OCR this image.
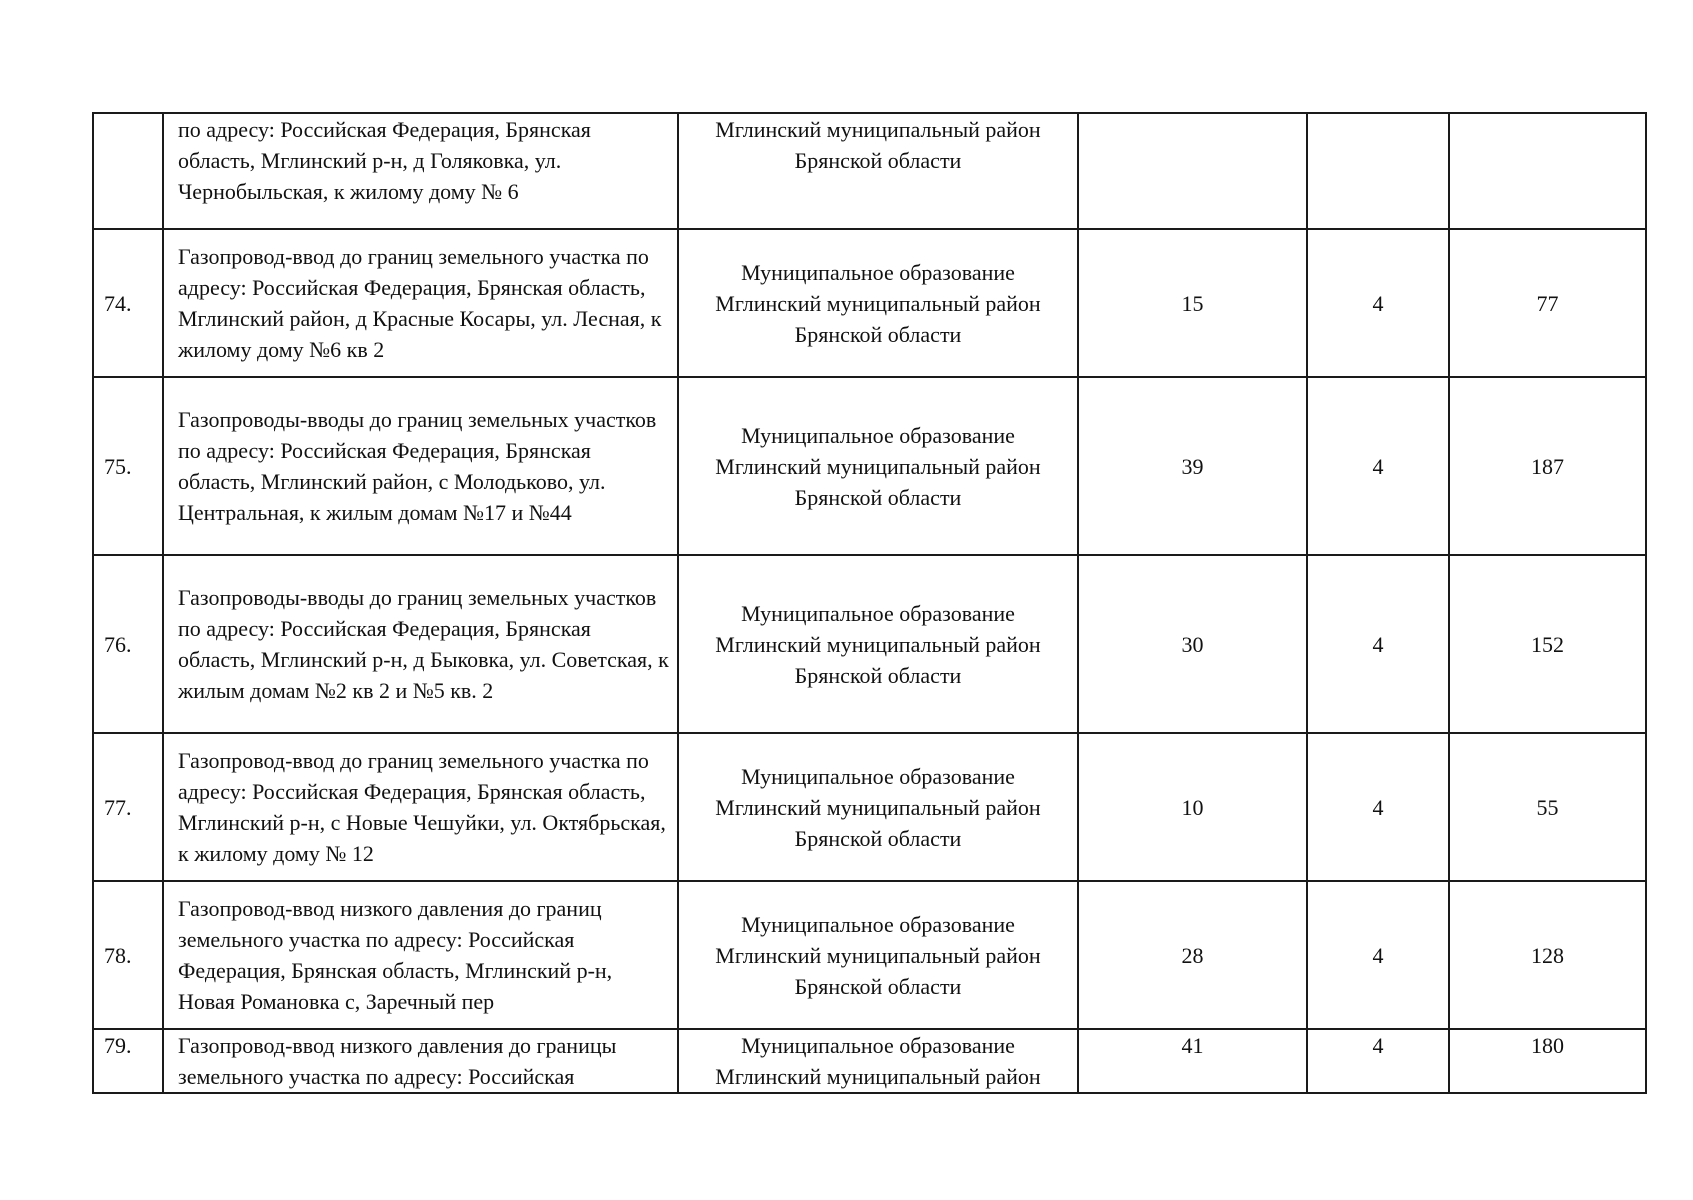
	по адресу: Российская Федерация, Брянская область, Мглинский р-н, д Голяковка, ул. Чернобыльская, к жилому дому № 6	Мглинский муниципальный район
Брянской области			

74.	Газопровод-ввод до границ земельного участка по адресу: Российская Федерация, Брянская область, Мглинский район, д Красные Косары, ул. Лесная, к жилому дому №6 кв 2	Муниципальное образование
Мглинский муниципальный район
Брянской области	15	4	77
75.	Газопроводы-вводы до границ земельных участков по адресу: Российская Федерация, Брянская область, Мглинский район, с Молодьково, ул. Центральная, к жилым домам №17 и №44	Муниципальное образование
Мглинский муниципальный район
Брянской области	39	4	187
76.	Газопроводы-вводы до границ земельных участков по адресу: Российская Федерация, Брянская область, Мглинский р-н, д Быковка, ул. Советская, к жилым домам №2 кв 2 и №5 кв. 2	Муниципальное образование
Мглинский муниципальный район
Брянской области	30	4	152
77.	Газопровод-ввод до границ земельного участка по адресу: Российская Федерация, Брянская область, Мглинский р-н, с Новые Чешуйки, ул. Октябрьская, к жилому дому № 12	Муниципальное образование
Мглинский муниципальный район
Брянской области	10	4	55
78.	Газопровод-ввод низкого давления до границ земельного участка по адресу: Российская Федерация, Брянская область, Мглинский р-н, Новая Романовка с, Заречный пер	Муниципальное образование
Мглинский муниципальный район
Брянской области	28	4	128
79.	Газопровод-ввод низкого давления до границы земельного участка по адресу: Российская	Муниципальное образование
Мглинский муниципальный район	41	4	180
